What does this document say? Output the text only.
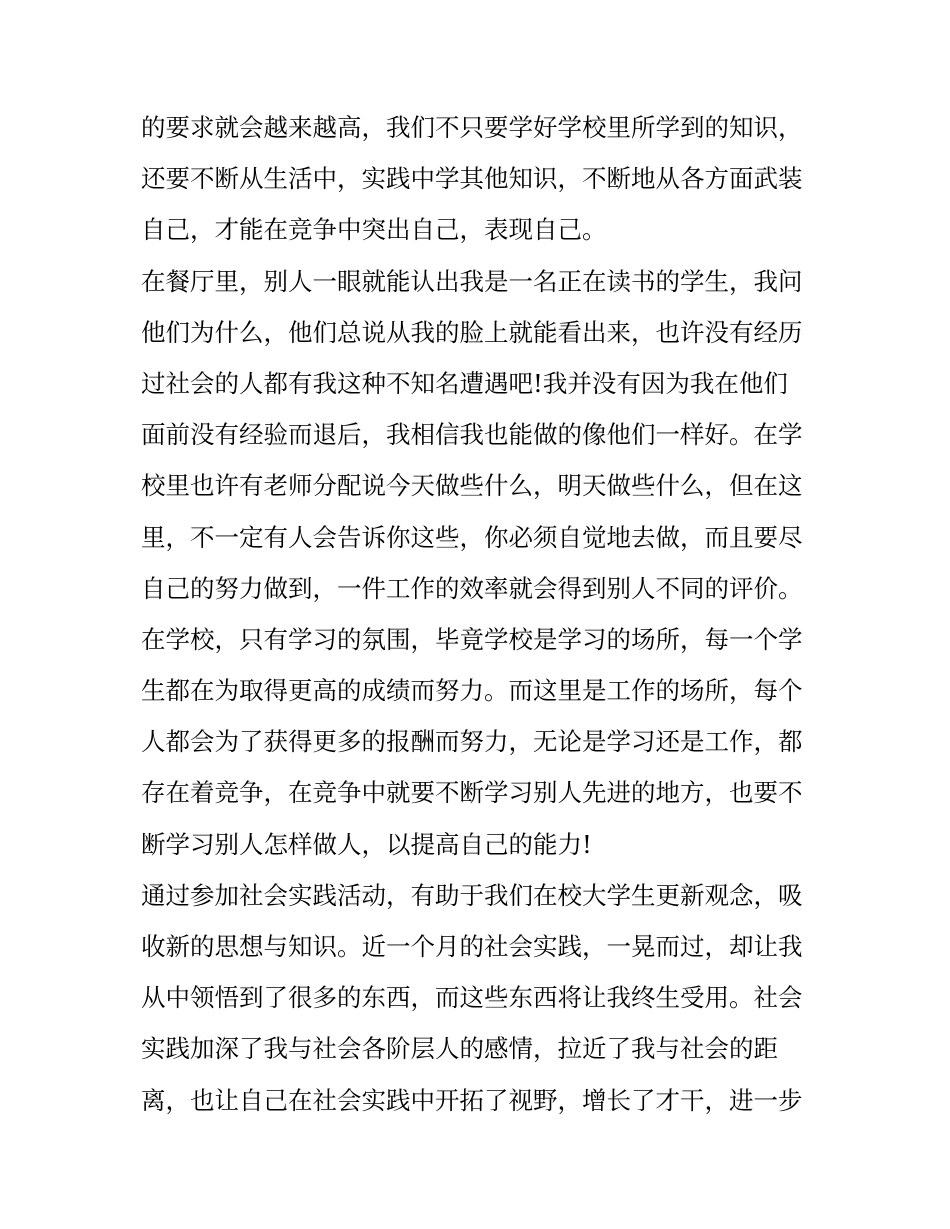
的要求就会越来越高，我们不只要学好学校里所学到的知识，
还要不断从生活中，实践中学其他知识，不断地从各方面武装
自己，才能在竞争中突出自己，表现自己。
在餐厅里，别人一眼就能认出我是一名正在读书的学生，我问
他们为什么，他们总说从我的脸上就能看出来，也许没有经历
过社会的人都有我这种不知名遭遇吧!我并没有因为我在他们
面前没有经验而退后，我相信我也能做的像他们一样好。在学
校里也许有老师分配说今天做些什么，明天做些什么，但在这
里，不一定有人会告诉你这些，你必须自觉地去做，而且要尽
自己的努力做到，一件工作的效率就会得到别人不同的评价。
在学校，只有学习的氛围，毕竟学校是学习的场所，每一个学
生都在为取得更高的成绩而努力。而这里是工作的场所，每个
人都会为了获得更多的报酬而努力，无论是学习还是工作，都
存在着竞争，在竞争中就要不断学习别人先进的地方，也要不
断学习别人怎样做人，以提高自己的能力!
通过参加社会实践活动，有助于我们在校大学生更新观念，吸
收新的思想与知识。近一个月的社会实践，一晃而过，却让我
从中领悟到了很多的东西，而这些东西将让我终生受用。社会
实践加深了我与社会各阶层人的感情，拉近了我与社会的距
离，也让自己在社会实践中开拓了视野，增长了才干，进一步
